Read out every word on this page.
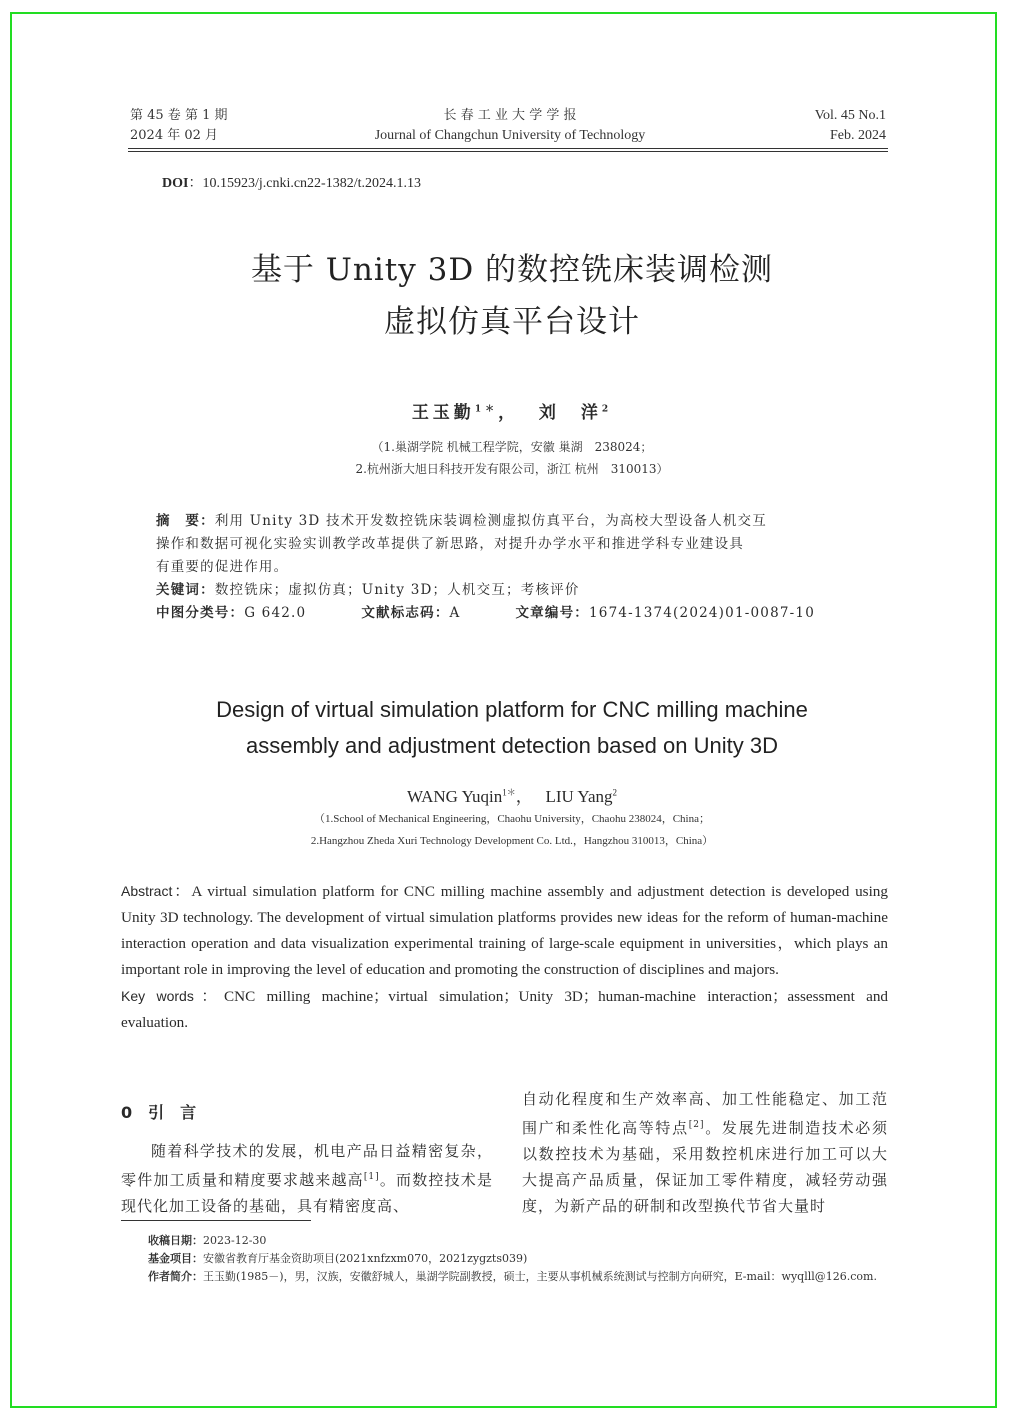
第 45 卷 第 1 期
2024 年 02 月
长 春 工 业 大 学 学 报
Journal of Changchun University of Technology
Vol. 45 No.1
Feb. 2024
DOI：10.15923/j.cnki.cn22-1382/t.2024.1.13
基于 Unity 3D 的数控铣床装调检测
虚拟仿真平台设计
王玉勤$^{1*}$， 刘　洋$^2$
（1.巢湖学院 机械工程学院，安徽 巢湖　238024；
2.杭州浙大旭日科技开发有限公司，浙江 杭州　310013）
摘　要：利用 Unity 3D 技术开发数控铣床装调检测虚拟仿真平台，为高校大型设备人机交互
操作和数据可视化实验实训教学改革提供了新思路，对提升办学水平和推进学科专业建设具
有重要的促进作用。
关键词：数控铣床；虚拟仿真；Unity 3D；人机交互；考核评价
中图分类号：G 642.0	文献标志码：A	文章编号：1674-1374(2024)01-0087-10
Design of virtual simulation platform for CNC milling machine
assembly and adjustment detection based on Unity 3D
WANG Yuqin$^{1*}$， LIU Yang$^2$
（1.School of Mechanical Engineering，Chaohu University，Chaohu 238024，China；
2.Hangzhou Zheda Xuri Technology Development Co. Ltd.，Hangzhou 310013，China）
Abstract：A virtual simulation platform for CNC milling machine assembly and adjustment detection is developed using Unity 3D technology. The development of virtual simulation platforms provides new ideas for the reform of human-machine interaction operation and data visualization experimental training of large-scale equipment in universities，which plays an important role in improving the level of education and promoting the construction of disciplines and majors.
Key words：CNC milling machine；virtual simulation；Unity 3D；human-machine interaction；assessment and evaluation.
0　引　言
随着科学技术的发展，机电产品日益精密复杂，零件加工质量和精度要求越来越高[1]。而数控技术是现代化加工设备的基础，具有精密度高、
自动化程度和生产效率高、加工性能稳定、加工范围广和柔性化高等特点[2]。发展先进制造技术必须以数控技术为基础，采用数控机床进行加工可以大大提高产品质量，保证加工零件精度，减轻劳动强度，为新产品的研制和改型换代节省大量时
收稿日期：2023-12-30
基金项目：安徽省教育厅基金资助项目(2021xnfzxm070，2021zygzts039)
作者简介：王玉勤(1985－)，男，汉族，安徽舒城人，巢湖学院副教授，硕士，主要从事机械系统测试与控制方向研究，E-mail：wyqlll@126.com.
